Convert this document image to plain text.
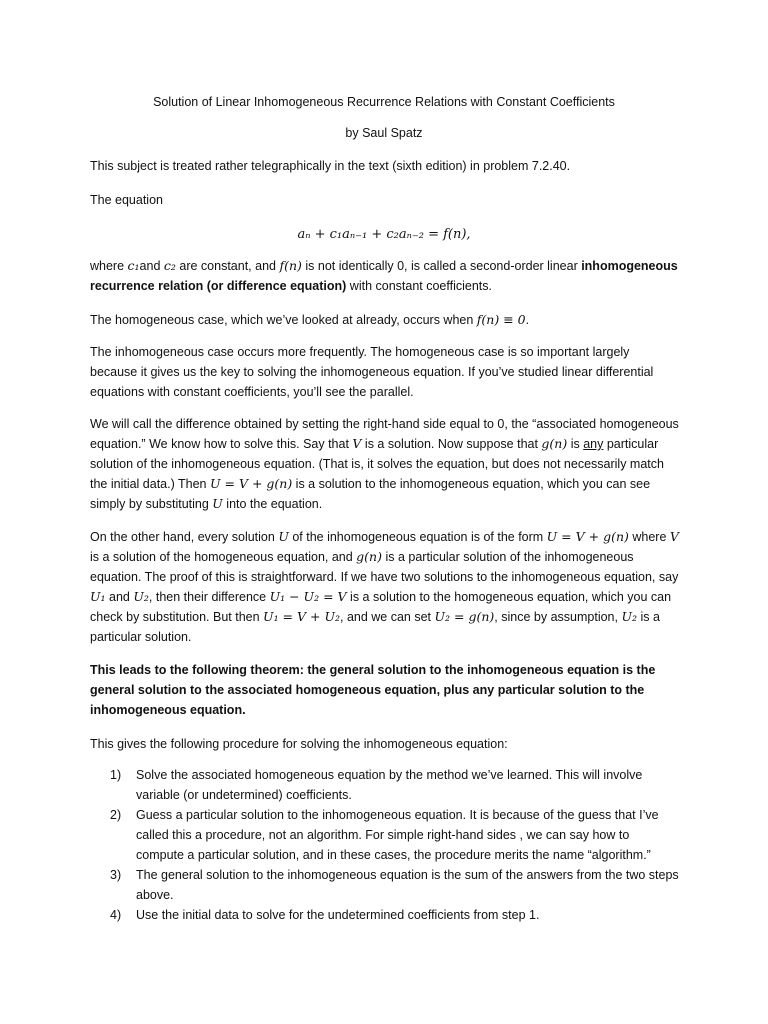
Solution of Linear Inhomogeneous Recurrence Relations with Constant Coefficients
by Saul Spatz

This subject is treated rather telegraphically in the text (sixth edition) in problem 7.2.40.

The equation

aₙ + c₁aₙ₋₁ + c₂aₙ₋₂ = f(n),

where c₁and c₂ are constant, and f(n) is not identically 0, is called a second-order linear inhomogeneous recurrence relation (or difference equation) with constant coefficients.

The homogeneous case, which we’ve looked at already, occurs when f(n) ≡ 0.

The inhomogeneous case occurs more frequently. The homogeneous case is so important largely because it gives us the key to solving the inhomogeneous equation. If you’ve studied linear differential equations with constant coefficients, you’ll see the parallel.

We will call the difference obtained by setting the right-hand side equal to 0, the “associated homogeneous equation.” We know how to solve this. Say that V is a solution. Now suppose that g(n) is any particular solution of the inhomogeneous equation. (That is, it solves the equation, but does not necessarily match the initial data.) Then U = V + g(n) is a solution to the inhomogeneous equation, which you can see simply by substituting U into the equation.

On the other hand, every solution U of the inhomogeneous equation is of the form U = V + g(n) where V is a solution of the homogeneous equation, and g(n) is a particular solution of the inhomogeneous equation. The proof of this is straightforward. If we have two solutions to the inhomogeneous equation, say U₁ and U₂, then their difference U₁ − U₂ = V is a solution to the homogeneous equation, which you can check by substitution. But then U₁ = V + U₂, and we can set U₂ = g(n), since by assumption, U₂ is a particular solution.

This leads to the following theorem: the general solution to the inhomogeneous equation is the general solution to the associated homogeneous equation, plus any particular solution to the inhomogeneous equation.

This gives the following procedure for solving the inhomogeneous equation:

1) Solve the associated homogeneous equation by the method we’ve learned. This will involve variable (or undetermined) coefficients.
2) Guess a particular solution to the inhomogeneous equation. It is because of the guess that I’ve called this a procedure, not an algorithm. For simple right-hand sides , we can say how to compute a particular solution, and in these cases, the procedure merits the name “algorithm.”
3) The general solution to the inhomogeneous equation is the sum of the answers from the two steps above.
4) Use the initial data to solve for the undetermined coefficients from step 1.
